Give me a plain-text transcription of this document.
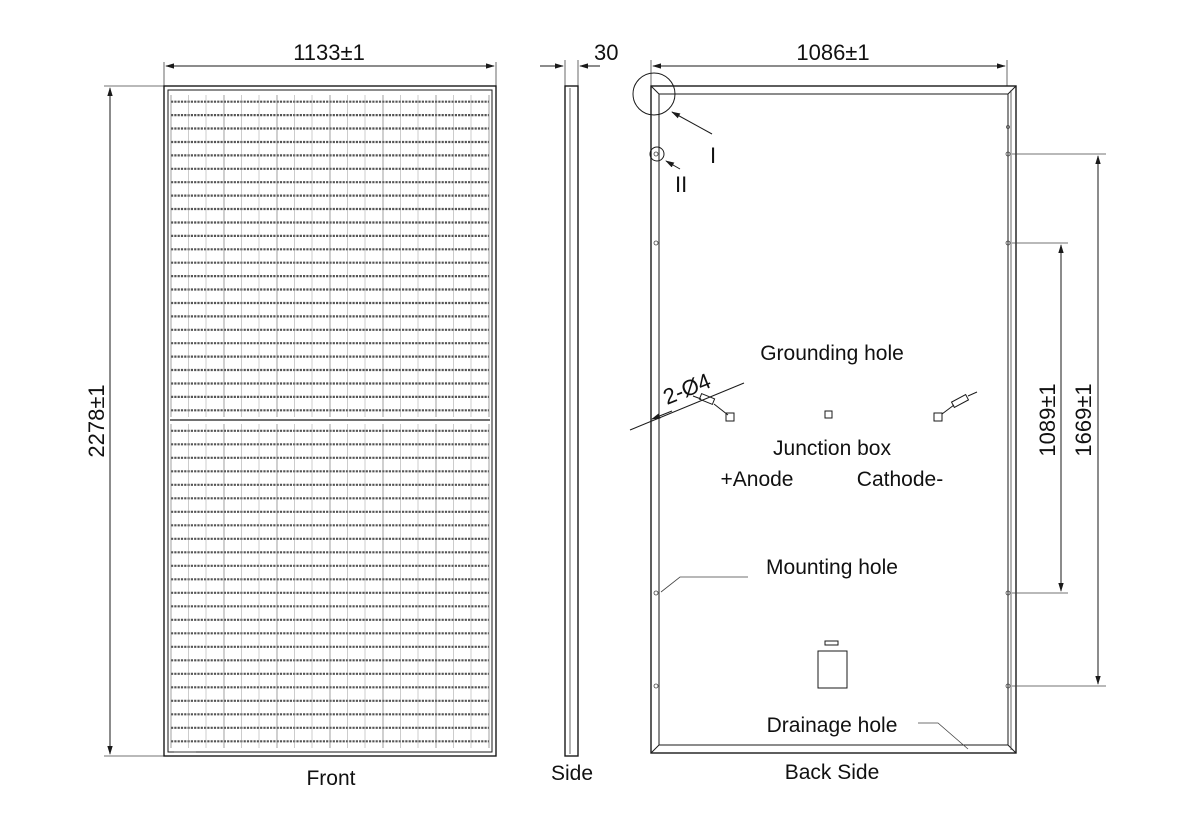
1133±1
2278±1
Front
30
Side
1086±1
I
II
Grounding hole
2-Ø4
Junction box
+Anode	Cathode-
Mounting hole
Drainage hole
1089±1 1669±1
Back Side
